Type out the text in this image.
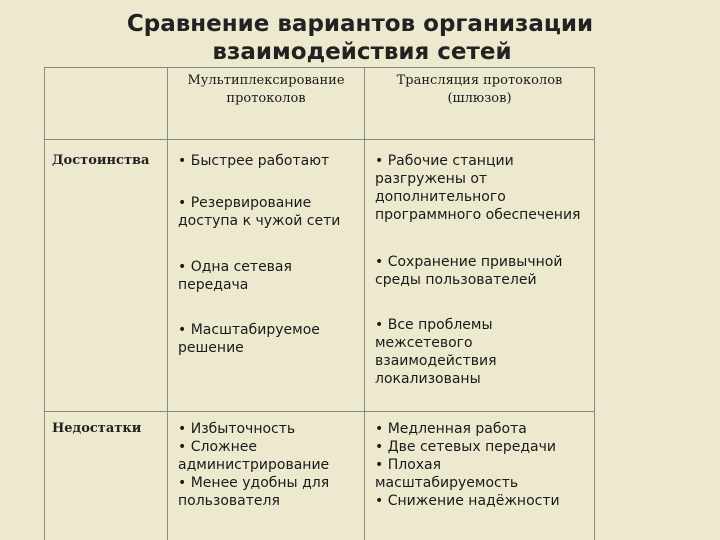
Сравнение вариантов организации
взаимодействия сетей
Мультиплексирование
протоколов
Трансляция протоколов
(шлюзов)
Достоинства
Недостатки
• Быстрее работают
• Резервирование
доступа к чужой сети
• Одна сетевая
передача
• Масштабируемое
решение
• Рабочие станции
разгружены от
дополнительного
программного обеспечения
• Сохранение привычной
среды пользователей
• Все проблемы
межсетевого
взаимодействия
локализованы
• Избыточность
• Сложнее
администрирование
• Менее удобны для
пользователя
• Медленная работа
• Две сетевых передачи
• Плохая
масштабируемость
• Снижение надёжности
